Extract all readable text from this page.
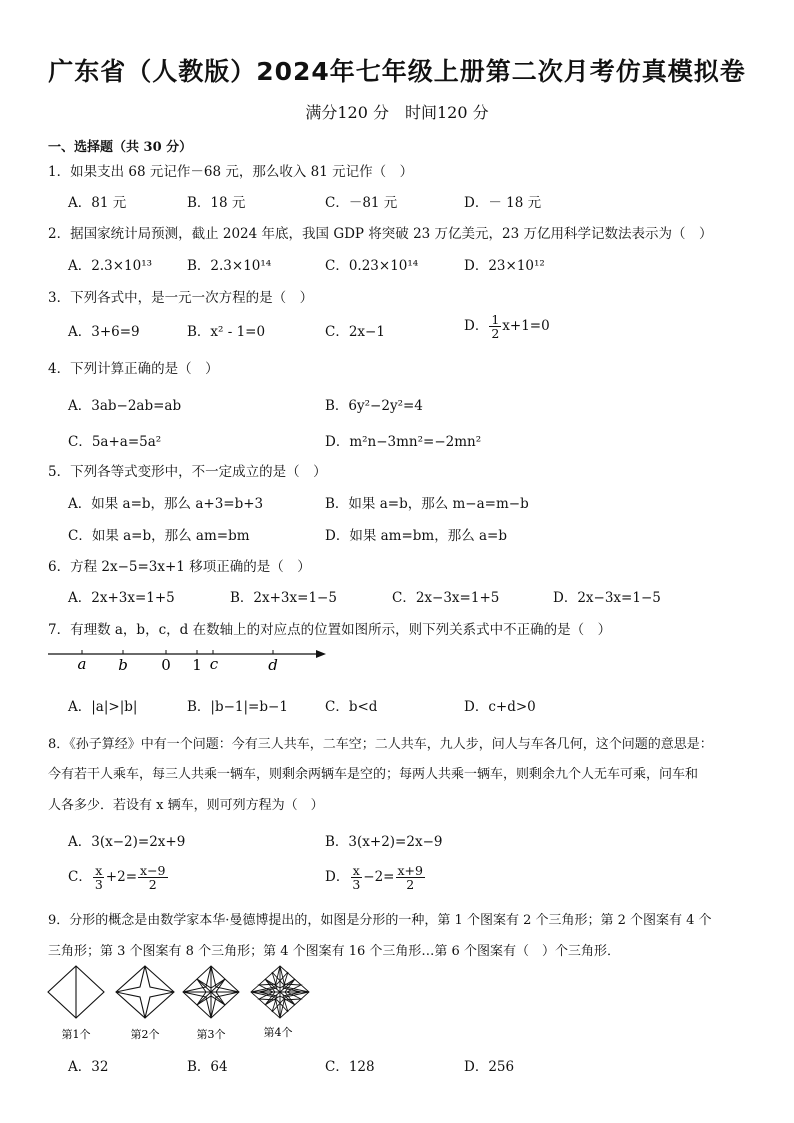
广东省（人教版）2024年七年级上册第二次月考仿真模拟卷
满分120 分　时间120 分
一、选择题（共 30 分）
1．如果支出 68 元记作－68 元，那么收入 81 元记作（　）
A．81 元	B．18 元	C．－81 元	D．－ 18 元
2．据国家统计局预测，截止 2024 年底，我国 GDP 将突破 23 万亿美元，23 万亿用科学记数法表示为（　）
A．2.3×10¹³	B．2.3×10¹⁴	C．0.23×10¹⁴	D．23×10¹²
3．下列各式中，是一元一次方程的是（　）
A．3+6=9	B．x² - 1=0	C．2x−1	D． $\frac{1}{2} x+1=0$
4．下列计算正确的是（　）
A．3ab−2ab=ab	B．6y²−2y²=4
C．5a+a=5a²	D．m²n−3mn²=−2mn²
5．下列各等式变形中，不一定成立的是（　）
A．如果 a=b，那么 a+3=b+3	B．如果 a=b，那么 m−a=m−b
C．如果 a=b，那么 am=bm	D．如果 am=bm，那么 a=b
6．方程 2x−5=3x+1 移项正确的是（　）
A．2x+3x=1+5	B．2x+3x=1−5	C．2x−3x=1+5	D．2x−3x=1−5
7．有理数 a，b，c，d 在数轴上的对应点的位置如图所示，则下列关系式中不正确的是（　）
a b 0 1 c	d
A．|a|>|b|	B．|b−1|=b−1	C．b<d	D．c+d>0
8．《孙子算经》中有一个问题：今有三人共车，二车空；二人共车，九人步，问人与车各几何，这个问题的意思是：
今有若干人乘车，每三人共乘一辆车，则剩余两辆车是空的；每两人共乘一辆车，则剩余九个人无车可乘，问车和
人各多少．若设有 x 辆车，则可列方程为（　）
A．3(x−2)=2x+9	B．3(x+2)=2x−9
C． $\frac{x}{3} +2= \frac{x-9}{2}$	D． $\frac{x}{3} -2= \frac{x+9}{2}$
9．分形的概念是由数学家本华·曼德博提出的，如图是分形的一种，第 1 个图案有 2 个三角形；第 2 个图案有 4 个
三角形；第 3 个图案有 8 个三角形；第 4 个图案有 16 个三角形…第 6 个图案有（　）个三角形．
第1个	第2个	第3个	第4个
A．32	B．64	C．128	D．256
